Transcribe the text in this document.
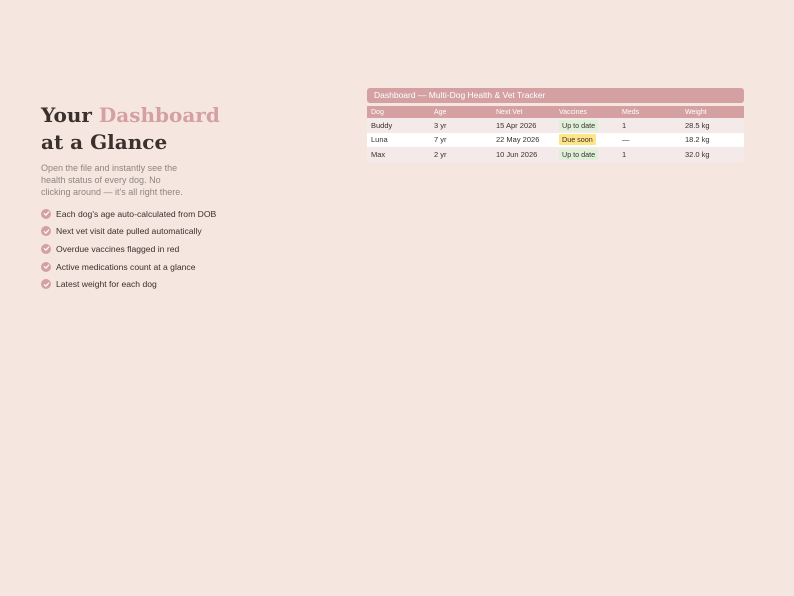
Your Dashboard
at a Glance

Open the file and instantly see the health status of every dog. No clicking around — it's all right there.

Each dog's age auto-calculated from DOB
Next vet visit date pulled automatically
Overdue vaccines flagged in red
Active medications count at a glance
Latest weight for each dog
Dashboard — Multi-Dog Health & Vet Tracker
Dog	Age	Next Vet	Vaccines	Meds	Weight
Buddy	3 yr	15 Apr 2026	Up to date	1	28.5 kg
Luna	7 yr	22 May 2026	Due soon	—	18.2 kg
Max	2 yr	10 Jun 2026	Up to date	1	32.0 kg
